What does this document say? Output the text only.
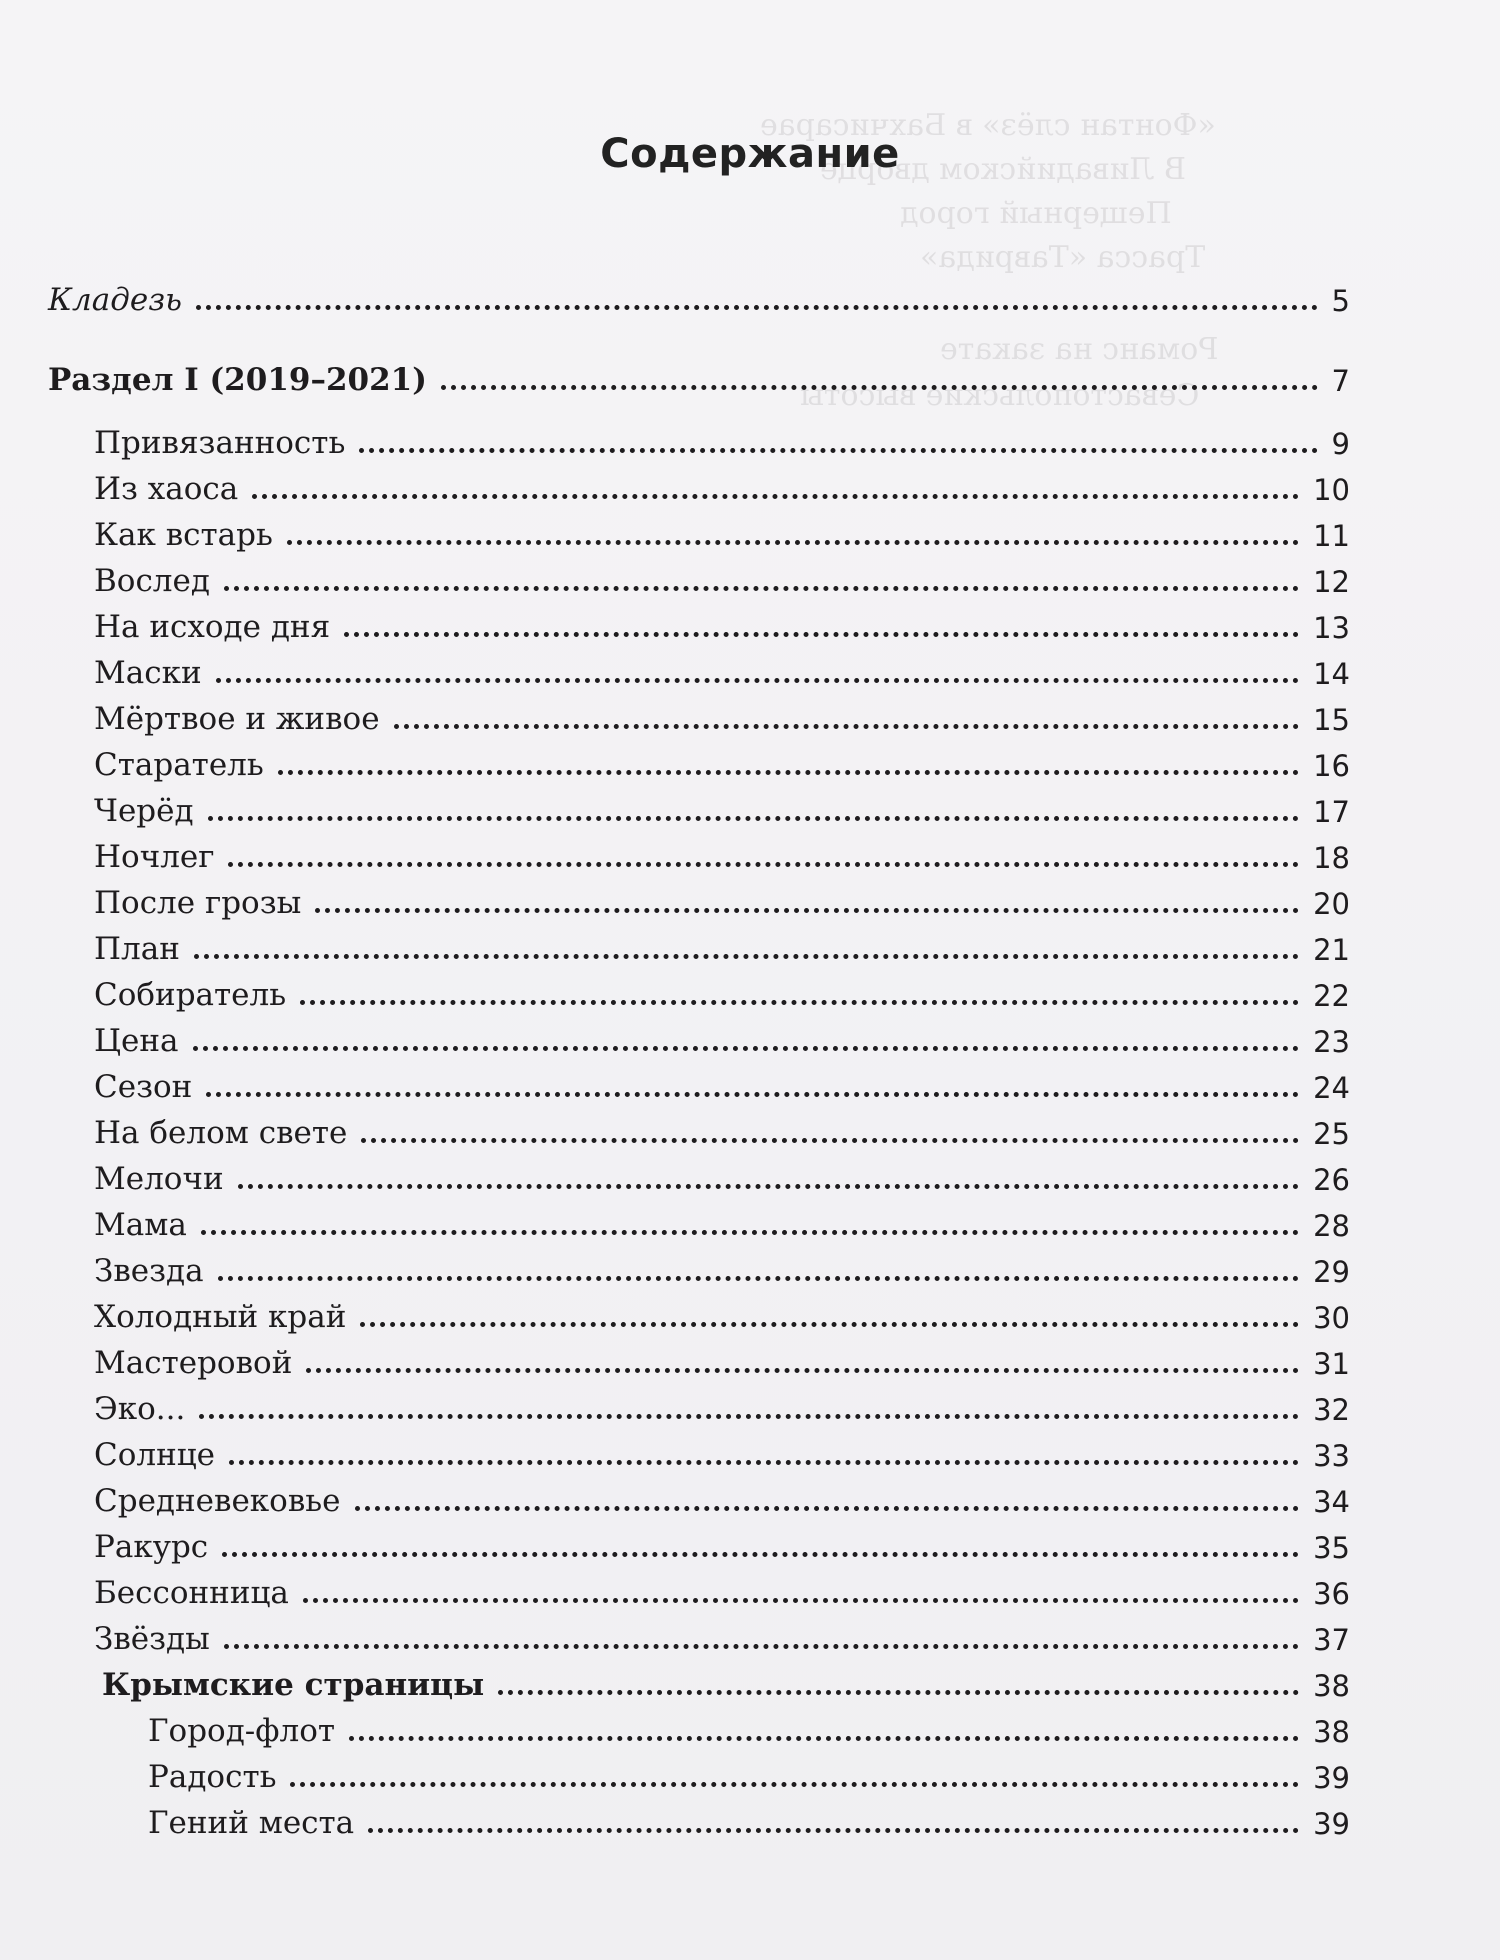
«Фонтан слёз» в Бахчисарае
В Ливадийском дворце
Пещерный город
Трасса «Таврида»
Романс на закате
Севастопольские высоты
Содержание
Кладезь	5
Раздел I (2019–2021)	7
Привязанность	9
Из хаоса	10
Как встарь	11
Вослед	12
На исходе дня	13
Маски	14
Мёртвое и живое	15
Старатель	16
Черёд	17
Ночлег	18
После грозы	20
План	21
Собиратель	22
Цена	23
Сезон	24
На белом свете	25
Мелочи	26
Мама	28
Звезда	29
Холодный край	30
Мастеровой	31
Эко...	32
Солнце	33
Средневековье	34
Ракурс	35
Бессонница	36
Звёзды	37
Крымские страницы	38
Город-флот	38
Радость	39
Гений места	39
